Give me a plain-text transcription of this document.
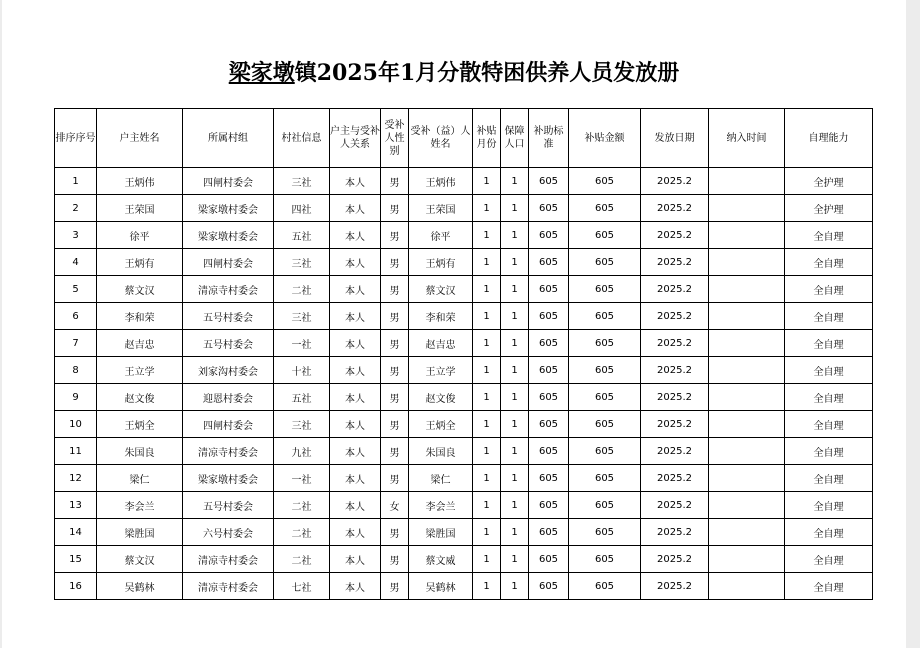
梁家墩镇2025年1月分散特困供养人员发放册
排序序号	户主姓名	所属村组	村社信息	户主与受补人关系	受补人性别	受补（益）人姓名	补贴月份	保障人口	补助标准	补贴金额	发放日期	纳入时间	自理能力
1	王炳伟	四闸村委会	三社	本人	男	王炳伟	1	1	605	605	2025.2		全护理
2	王荣国	梁家墩村委会	四社	本人	男	王荣国	1	1	605	605	2025.2		全护理
3	徐平	梁家墩村委会	五社	本人	男	徐平	1	1	605	605	2025.2		全自理
4	王炳有	四闸村委会	三社	本人	男	王炳有	1	1	605	605	2025.2		全自理
5	蔡文汉	清凉寺村委会	二社	本人	男	蔡文汉	1	1	605	605	2025.2		全自理
6	李和荣	五号村委会	三社	本人	男	李和荣	1	1	605	605	2025.2		全自理
7	赵吉忠	五号村委会	一社	本人	男	赵吉忠	1	1	605	605	2025.2		全自理
8	王立学	刘家沟村委会	十社	本人	男	王立学	1	1	605	605	2025.2		全自理
9	赵文俊	迎恩村委会	五社	本人	男	赵文俊	1	1	605	605	2025.2		全自理
10	王炳全	四闸村委会	三社	本人	男	王炳全	1	1	605	605	2025.2		全自理
11	朱国良	清凉寺村委会	九社	本人	男	朱国良	1	1	605	605	2025.2		全自理
12	梁仁	梁家墩村委会	一社	本人	男	梁仁	1	1	605	605	2025.2		全自理
13	李会兰	五号村委会	二社	本人	女	李会兰	1	1	605	605	2025.2		全自理
14	梁胜国	六号村委会	二社	本人	男	梁胜国	1	1	605	605	2025.2		全自理
15	蔡文汉	清凉寺村委会	二社	本人	男	蔡文威	1	1	605	605	2025.2		全自理
16	吴鹤林	清凉寺村委会	七社	本人	男	吴鹤林	1	1	605	605	2025.2		全自理
